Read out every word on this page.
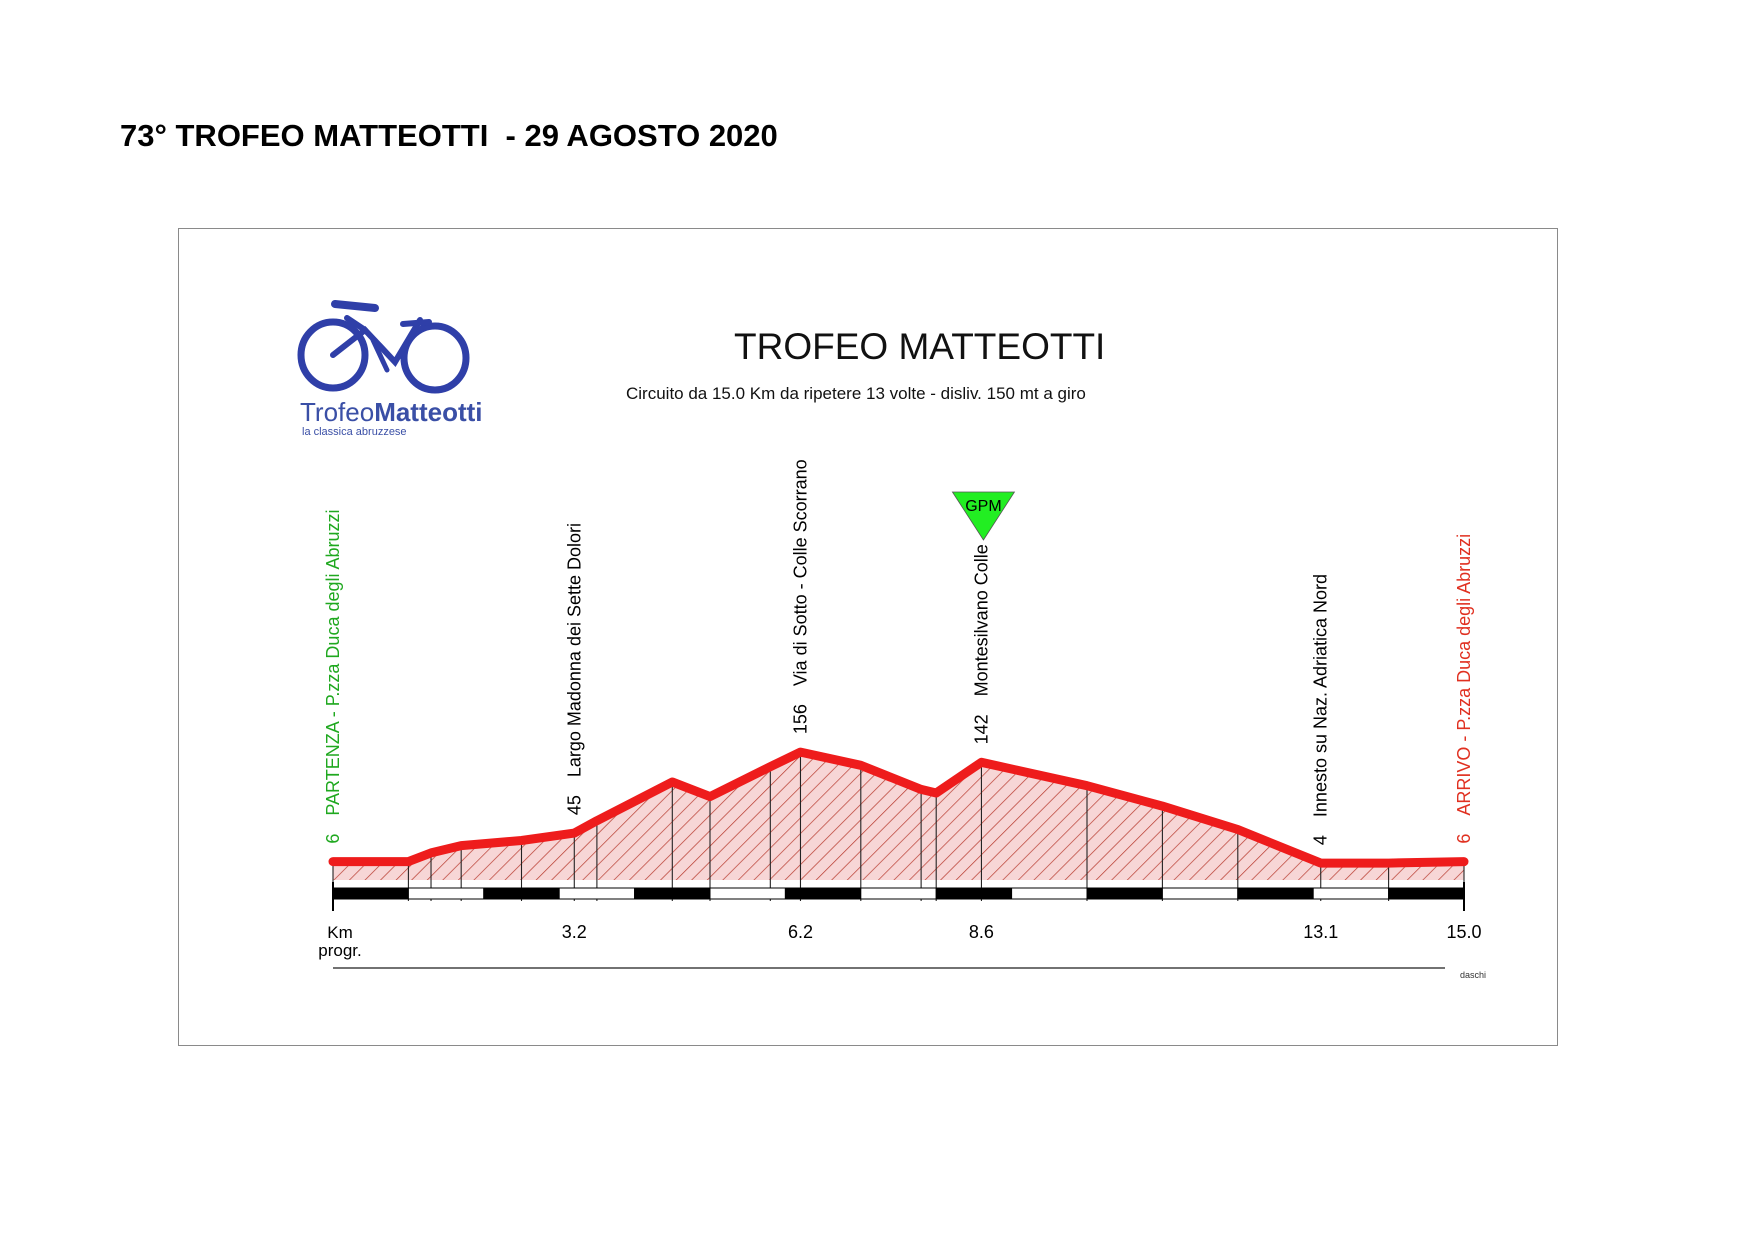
73° TROFEO MATTEOTTI  - 29 AGOSTO 2020
TrofeoMatteotti
la classica abruzzese
TROFEO MATTEOTTI
Circuito da 15.0 Km da ripetere 13 volte - disliv. 150 mt a giro
3.2	6.2	8.6	13.1	15.0
6
PARTENZA - P.zza Duca degli Abruzzi	45
Largo Madonna dei Sette Dolori	156
Via di Sotto - Colle Scorrano
142
Montesilvano Colle
4
Innesto su Naz. Adriatica Nord
6
ARRIVO - P.zza Duca degli Abruzzi
GPM
Km
progr.
daschi
